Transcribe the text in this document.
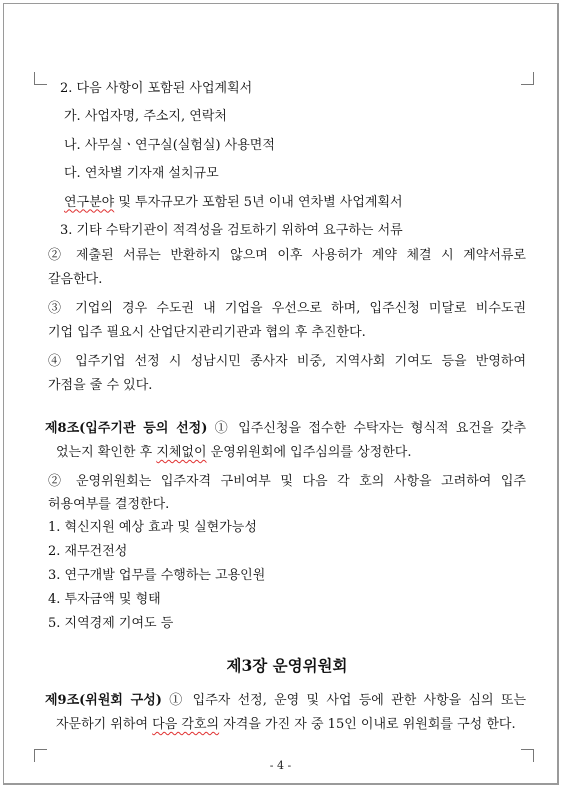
2. 다음 사항이 포함된 사업계획서
가. 사업자명, 주소지, 연락처
나. 사무실ㆍ연구실(실험실) 사용면적
다. 연차별 기자재 설치규모
연구분야 및 투자규모가 포함된 5년 이내 연차별 사업계획서
3. 기타 수탁기관이 적격성을 검토하기 위하여 요구하는 서류
② 제출된 서류는 반환하지 않으며 이후 사용허가 계약 체결 시 계약서류로
갈음한다.
③ 기업의 경우 수도권 내 기업을 우선으로 하며, 입주신청 미달로 비수도권
기업 입주 필요시 산업단지관리기관과 협의 후 추진한다.
④ 입주기업 선정 시 성남시민 종사자 비중, 지역사회 기여도 등을 반영하여
가점을 줄 수 있다.
제8조(입주기관 등의 선정) ① 입주신청을 접수한 수탁자는 형식적 요건을 갖추
었는지 확인한 후 지체없이 운영위원회에 입주심의를 상정한다.
② 운영위원회는 입주자격 구비여부 및 다음 각 호의 사항을 고려하여 입주
허용여부를 결정한다.
1. 혁신지원 예상 효과 및 실현가능성
2. 재무건전성
3. 연구개발 업무를 수행하는 고용인원
4. 투자금액 및 형태
5. 지역경제 기여도 등
제3장 운영위원회
제9조(위원회 구성) ① 입주자 선정, 운영 및 사업 등에 관한 사항을 심의 또는
자문하기 위하여 다음 각호의 자격을 가진 자 중 15인 이내로 위원회를 구성 한다.
- 4 -
